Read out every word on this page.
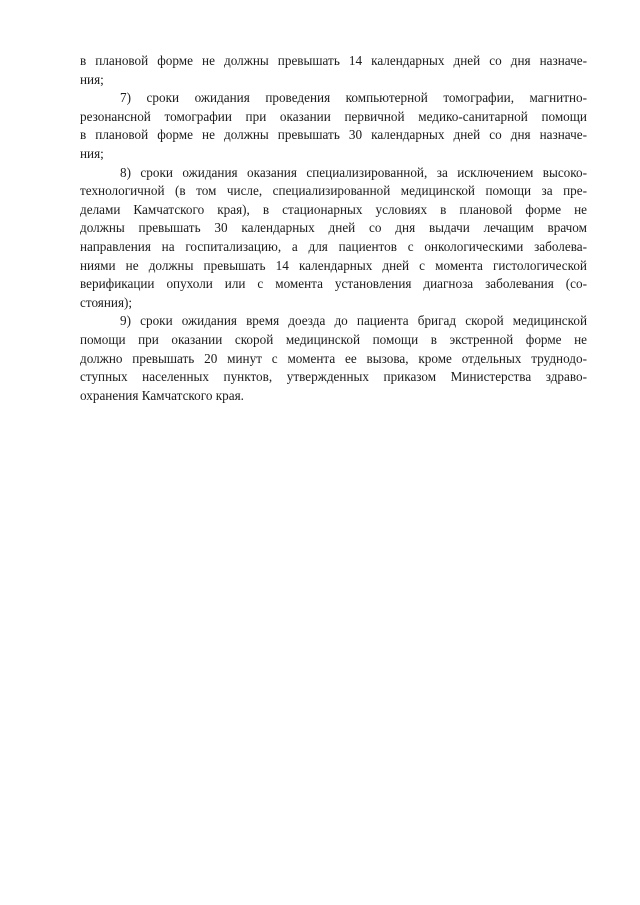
в плановой форме не должны превышать 14 календарных дней со дня назначе-
ния;
7) сроки ожидания проведения компьютерной томографии, магнитно-
резонансной томографии при оказании первичной медико-санитарной помощи
в плановой форме не должны превышать 30 календарных дней со дня назначе-
ния;
8) сроки ожидания оказания специализированной, за исключением высоко-
технологичной (в том числе, специализированной медицинской помощи за пре-
делами Камчатского края), в стационарных условиях в плановой форме не
должны превышать 30 календарных дней со дня выдачи лечащим врачом
направления на госпитализацию, а для пациентов с онкологическими заболева-
ниями не должны превышать 14 календарных дней с момента гистологической
верификации опухоли или с момента установления диагноза заболевания (со-
стояния);
9) сроки ожидания время доезда до пациента бригад скорой медицинской
помощи при оказании скорой медицинской помощи в экстренной форме не
должно превышать 20 минут с момента ее вызова, кроме отдельных труднодо-
ступных населенных пунктов, утвержденных приказом Министерства здраво-
охранения Камчатского края.
